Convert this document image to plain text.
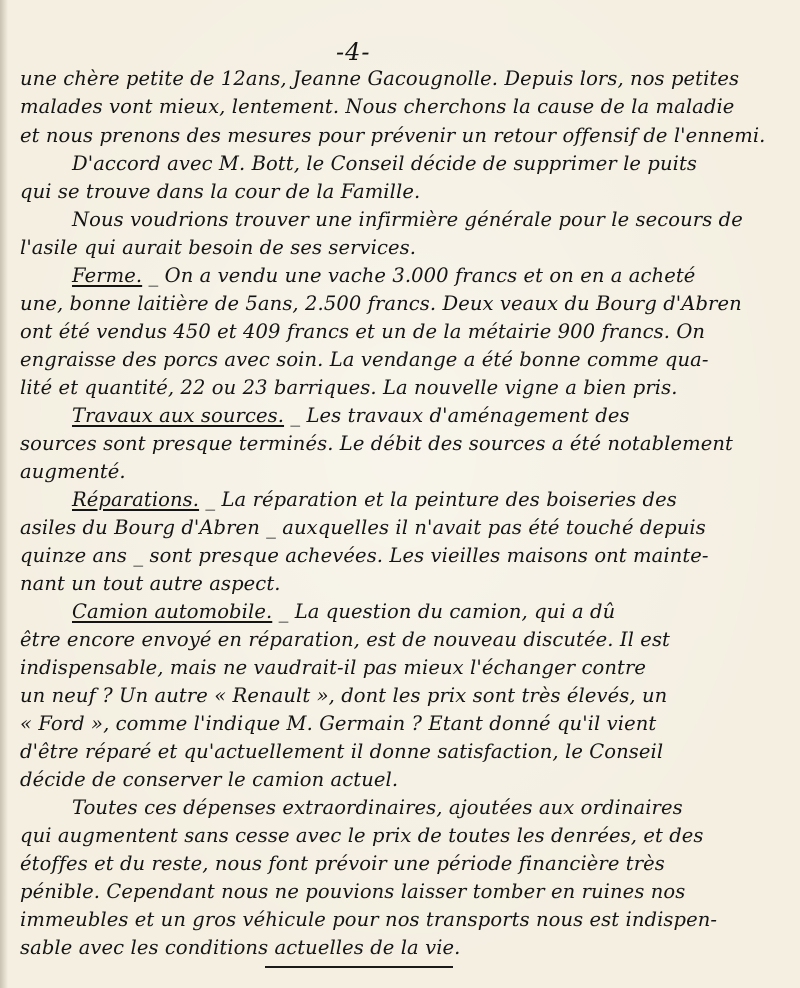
-4-
une chère petite de 12ans, Jeanne Gacougnolle. Depuis lors, nos petites
malades vont mieux, lentement. Nous cherchons la cause de la maladie
et nous prenons des mesures pour prévenir un retour offensif de l'ennemi.
D'accord avec M. Bott, le Conseil décide de supprimer le puits
qui se trouve dans la cour de la Famille.
Nous voudrions trouver une infirmière générale pour le secours de
l'asile qui aurait besoin de ses services.
Ferme. _ On a vendu une vache 3.000 francs et on en a acheté
une, bonne laitière de 5ans, 2.500 francs. Deux veaux du Bourg d'Abren
ont été vendus 450 et 409 francs et un de la métairie 900 francs. On
engraisse des porcs avec soin. La vendange a été bonne comme qua-
lité et quantité, 22 ou 23 barriques. La nouvelle vigne a bien pris.
Travaux aux sources. _ Les travaux d'aménagement des
sources sont presque terminés. Le débit des sources a été notablement
augmenté.
Réparations. _ La réparation et la peinture des boiseries des
asiles du Bourg d'Abren _ auxquelles il n'avait pas été touché depuis
quinze ans _ sont presque achevées. Les vieilles maisons ont mainte-
nant un tout autre aspect.
Camion automobile. _ La question du camion, qui a dû
être encore envoyé en réparation, est de nouveau discutée. Il est
indispensable, mais ne vaudrait-il pas mieux l'échanger contre
un neuf ? Un autre « Renault », dont les prix sont très élevés, un
« Ford », comme l'indique M. Germain ? Etant donné qu'il vient
d'être réparé et qu'actuellement il donne satisfaction, le Conseil
décide de conserver le camion actuel.
Toutes ces dépenses extraordinaires, ajoutées aux ordinaires
qui augmentent sans cesse avec le prix de toutes les denrées, et des
étoffes et du reste, nous font prévoir une période financière très
pénible. Cependant nous ne pouvions laisser tomber en ruines nos
immeubles et un gros véhicule pour nos transports nous est indispen-
sable avec les conditions actuelles de la vie.
